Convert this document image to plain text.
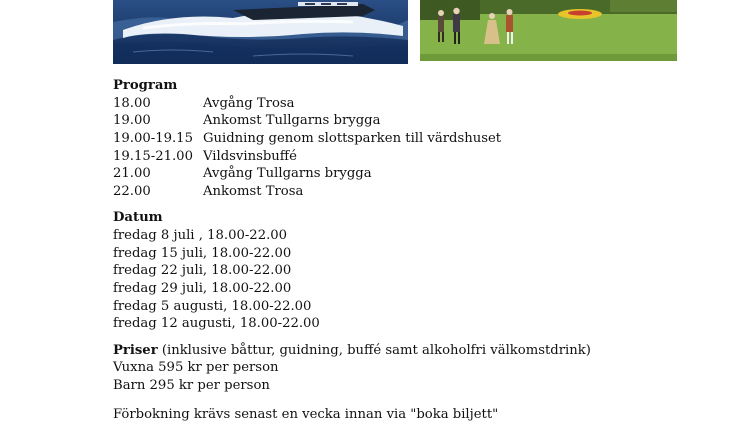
Program
18.00	Avgång Trosa
19.00	Ankomst Tullgarns brygga
19.00-19.15 Guidning genom slottsparken till värdshuset
19.15-21.00 Vildsvinsbuffé
21.00	Avgång Tullgarns brygga
22.00	Ankomst Trosa
Datum
fredag 8 juli , 18.00-22.00
fredag 15 juli, 18.00-22.00
fredag 22 juli, 18.00-22.00
fredag 29 juli, 18.00-22.00
fredag 5 augusti, 18.00-22.00
fredag 12 augusti, 18.00-22.00
Priser (inklusive båttur, guidning, buffé samt alkoholfri välkomstdrink)
Vuxna 595 kr per person
Barn 295 kr per person
Förbokning krävs senast en vecka innan via "boka biljett"
